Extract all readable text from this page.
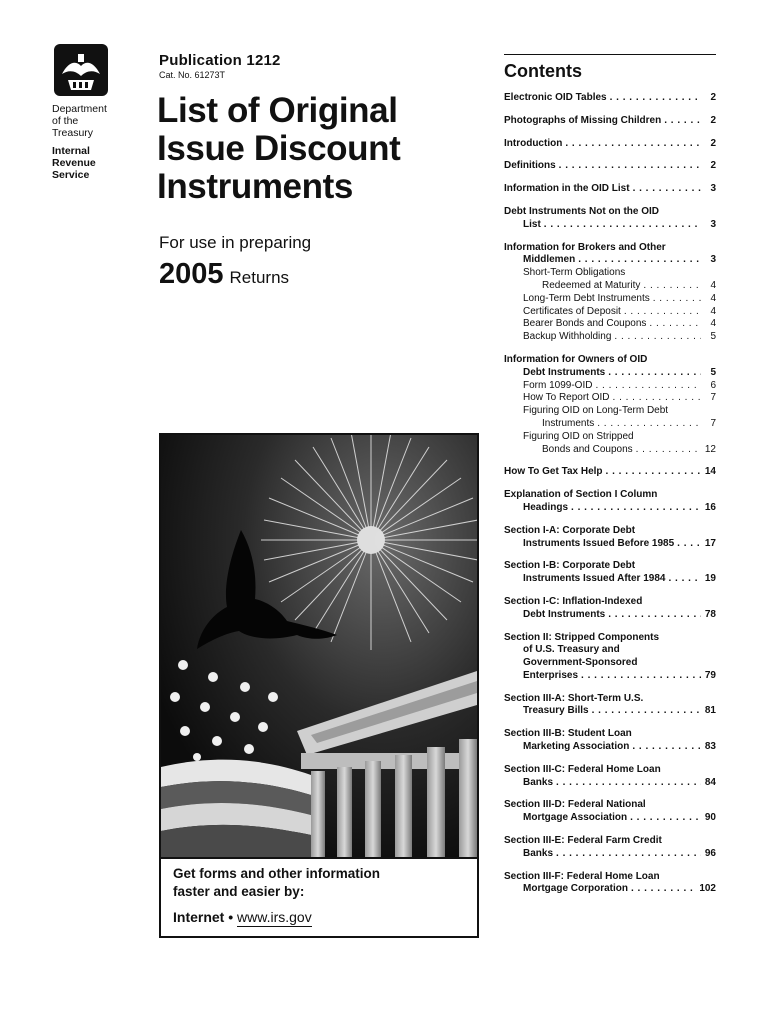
Department
of the
Treasury
Internal
Revenue
Service
Publication 1212
Cat. No. 61273T
List of Original
Issue Discount
Instruments
For use in preparing
2005 Returns
Get forms and other information
faster and easier by:
Internet • www.irs.gov
Contents
Electronic OID Tables . . .	2
Photographs of Missing Children . . .	2
Introduction . . .	2
Definitions . . .	2
Information in the OID List . . .	3
Debt Instruments Not on the OID
List . . .	3
Information for Brokers and Other
Middlemen . . .	3
Short-Term Obligations
Redeemed at Maturity . . .	4
Long-Term Debt Instruments . . .	4
Certificates of Deposit . . .	4
Bearer Bonds and Coupons . . .	4
Backup Withholding . . .	5
Information for Owners of OID
Debt Instruments . . .	5
Form 1099-OID . . .	6
How To Report OID . . .	7
Figuring OID on Long-Term Debt
Instruments . . .	7
Figuring OID on Stripped
Bonds and Coupons . . .	12
How To Get Tax Help . . .	14
Explanation of Section I Column
Headings . . .	16
Section I-A: Corporate Debt
Instruments Issued Before 1985 . . .	17
Section I-B: Corporate Debt
Instruments Issued After 1984 . . .	19
Section I-C: Inflation-Indexed
Debt Instruments . . .	78
Section II: Stripped Components
of U.S. Treasury and
Government-Sponsored
Enterprises . . .	79
Section III-A: Short-Term U.S.
Treasury Bills . . .	81
Section III-B: Student Loan
Marketing Association . . .	83
Section III-C: Federal Home Loan
Banks . . .	84
Section III-D: Federal National
Mortgage Association . . .	90
Section III-E: Federal Farm Credit
Banks . . .	96
Section III-F: Federal Home Loan
Mortgage Corporation . . .	102
